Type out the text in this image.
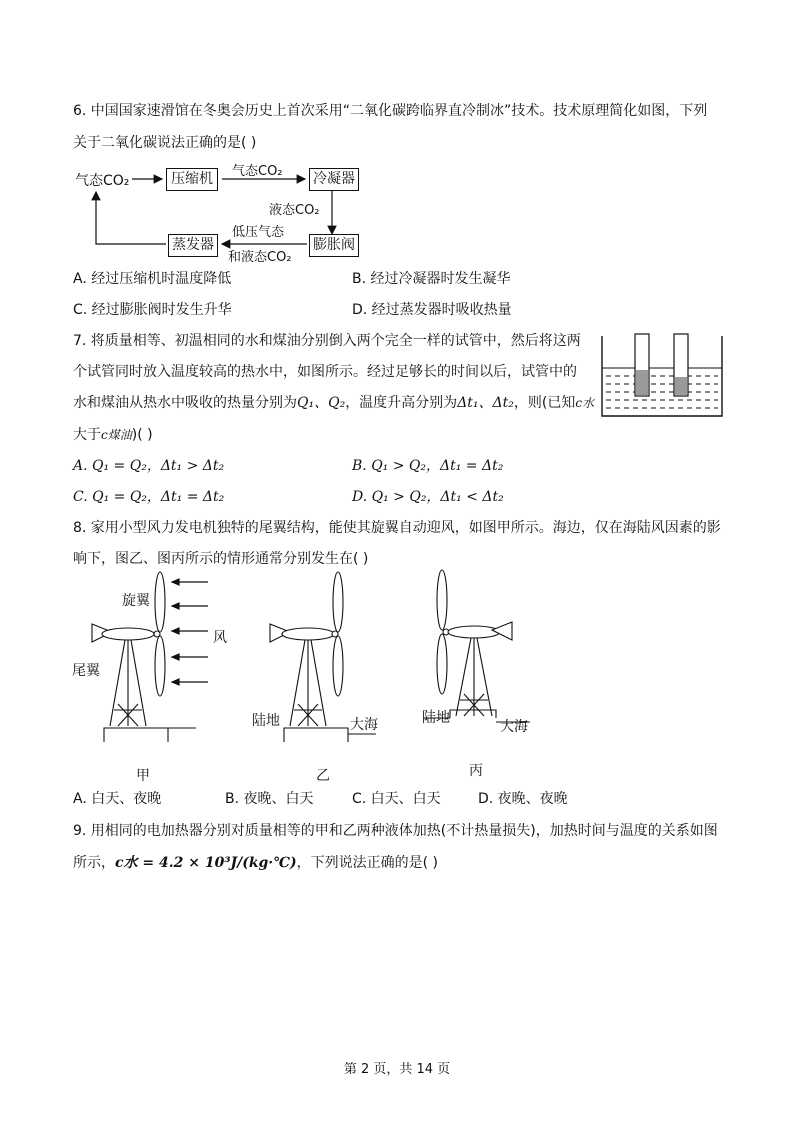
6. 中国国家速滑馆在冬奥会历史上首次采用“二氧化碳跨临界直冷制冰”技术。技术原理简化如图，下列
关于二氧化碳说法正确的是( )
气态CO₂	压缩机	气态CO₂ 冷凝器
液态CO₂
膨胀阀
低压气态
和液态CO₂
蒸发器
A. 经过压缩机时温度降低	B. 经过冷凝器时发生凝华
C. 经过膨胀阀时发生升华	D. 经过蒸发器时吸收热量
7. 将质量相等、初温相同的水和煤油分别倒入两个完全一样的试管中，然后将这两
个试管同时放入温度较高的热水中，如图所示。经过足够长的时间以后，试管中的
水和煤油从热水中吸收的热量分别为Q₁、Q₂，温度升高分别为Δt₁、Δt₂，则(已知c水
大于c煤油)( )
A. Q₁ = Q₂，Δt₁ > Δt₂	B. Q₁ > Q₂，Δt₁ = Δt₂
C. Q₁ = Q₂，Δt₁ = Δt₂	D. Q₁ > Q₂，Δt₁ < Δt₂
8. 家用小型风力发电机独特的尾翼结构，能使其旋翼自动迎风，如图甲所示。海边，仅在海陆风因素的影
响下，图乙、图丙所示的情形通常分别发生在( )
旋翼
尾翼
风
陆地	大海	陆地
大海
甲	乙	丙
A. 白天、夜晚	B. 夜晚、白天	C. 白天、白天	D. 夜晚、夜晚
9. 用相同的电加热器分别对质量相等的甲和乙两种液体加热(不计热量损失)，加热时间与温度的关系如图
所示，c水 = 4.2 × 10³J/(kg·℃)，下列说法正确的是( )
第 2 页，共 14 页
